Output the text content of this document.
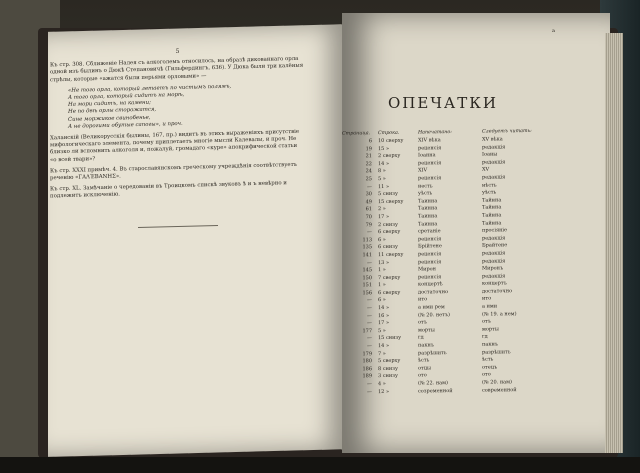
5

Къ стр. 308. Сближеніе Налея съ алкоголемъ относилось, на образѣ дикованнаго орла одной изъ былинъ о Дюкѣ Степановичѣ (Гильфердингъ, 636). У Дюка были три калёныя стрѣлы, которые «ажатся были перьями орловыми» —

«Не того орла, который летаетъ по чистымъ полямъ,
А того орла, который сидитъ на морѣ,
На мори сидитъ, на камени;
Не по двѣ орлы сторожатся,
Сине моржикое свинобенье,
А не дорогими обутые сапогы», и проч.

Халанскій (Великорусскія былины, 167, пр.) видитъ въ этихъ выраженіяхъ присутствіе мифологическаго элемента, почему приплетаетъ многіе мысли Калевалы, и проч. Не близко ли вспомнить алкоголя и, пожалуй, громадаго «куре» апокрифической статьи «о всей твари»?

Къ стр. XXXI примѣч. 4. Въ старославянскомъ греческому учреждѣнія соотвѣтствуетъ реченію «ΓΑΛΈΒΑΝΗΣ».

Къ стр. XL. Замѣчаніе о чередованіи въ Троицкомъ спискѣ звуковъ ѣ и ъ невѣрно и подлежитъ исключенію.

a
ОПЕЧАТКИ
Страница.	Строка.	Напечатано:	Следуетъ читать:
6	10 сверху	XIV вѣка	XV вѣка
19	15 »	реценсія	редакція
21	2 сверху	Іоанна	Іоаны
22	14 »	реценсія	редакція
24	8 »	XIV	XV
25	5 »	реценсія	редакція
—	11 »	несть	нѣсть
30	5 снизу	уѣсть	уѣсть
49	15 сверху	Таинна	Тайнна
61	2 »	Таинна	Тайнна
70	17 »	Таинна	Тайнна
79	2 снизу	Таинна	Тайнна
—	6 сверху	сретаніе	просіяніе
113	6 »	реценсія	редакція
135	6 снизу	Брійтене	Брайтене
141	11 сверху	реценсія	редакція
—	13 »	реценсія	редакція
145	1 »	Мирон	Миронъ
150	7 сверху	реценсія	редакція
151	1 »	концертѣ	концертъ
156	6 сверху	достаточно	достаточно
—	6 »	ито	ито
—	14 »	а ими рем	а ими
—	16 »	(№ 20. нетъ)	(№ 19. а нем)
—	17 »	отъ	отъ
177	5 »	морты	морты
—	15 снизу	гд	гд
—	14 »	пакнъ	пакнъ
179	7 »	разрѣшить	разрѣшить
180	5 сверху	ѣсть	ѣсть
186	8 снизу	отцы	отецъ
189	3 снизу	ото	ото
—	4 »	(№ 22. нам)	(№ 20. нам)
—	12 »	созременной	современной
